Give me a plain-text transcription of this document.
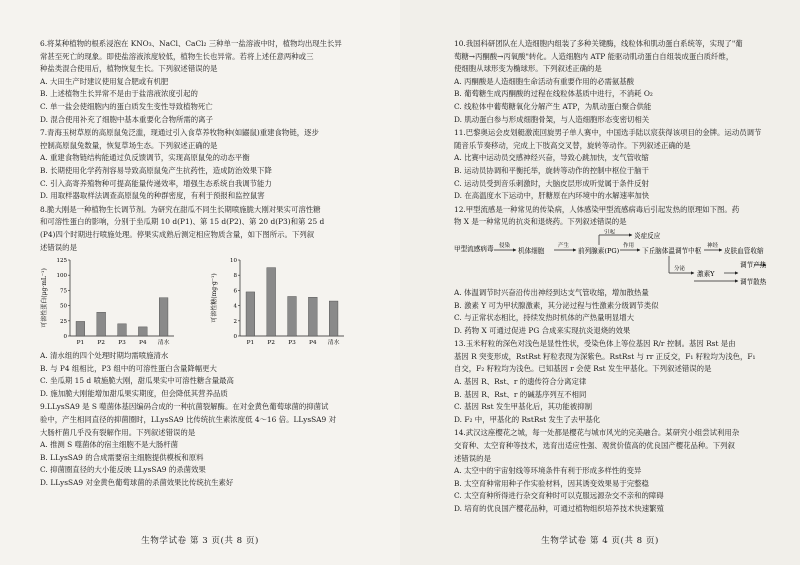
6.将某种植物的根系浸泡在 KNO₃、NaCl、CaCl₂ 三种单一盐溶液中时，植物均出现生长异

常甚至死亡的现象。即使盐溶液浓度较低，植物生长也异常。若将上述任意两种或三

种盐类混合使用后，植物恢复生长。下列叙述错误的是

A. 大田生产时建议使用复合肥或有机肥
B. 上述植物生长异常不是由于盐溶液浓度引起的
C. 单一盐会使细胞内的蛋白质发生变性导致植物死亡
D. 混合使用补充了细胞中基本重要化合物所需的离子

7.青海玉树草原的高原鼠兔泛滥，现通过引入食草养牧物种(如鼹鼠)重建食物链，逐步

控制高原鼠兔数量，恢复草场生态。下列叙述正确的是

A. 重建食物链结构能通过负反馈调节，实现高原鼠兔的动态平衡
B. 长期使用化学药剂容易导致高原鼠兔产生抗药性，造成防治效果下降
C. 引入高寄养殖物种可提高能量传递效率，增强生态系统自我调节能力
D. 用取样器取样法调查高原鼠兔的种群密度，有利于预报和监控鼠害

8.脆大刚是一种植物生长调节剂。为研究在甜瓜不同生长期喷施脆大刚对果实可溶性糖

和可溶性蛋白的影响，分别于坐瓜期 10 d(P1)、第 15 d(P2)、第 20 d(P3)和第 25 d

(P4)四个时期进行喷施处理。停果实成熟后测定相应物质含量，如下图所示。下列叙

述错误的是

可溶性蛋白(μg·mL⁻¹)
0
25
50
75
100
125
P1 P2 P3 P4 清水
可溶性糖(mg·g⁻¹)
0
2
4
6
8
10
P1 P2 P3 P4 清水
A. 清水组的四个处理时期均需喷施清水
B. 与 P4 组相比，P3 组中的可溶性蛋白含量降幅更大
C. 坐瓜期 15 d 喷施脆大刚，甜瓜果实中可溶性糖含量最高
D. 施加脆大刚能增加甜瓜果实期度，但会降低其营养品质

9.LLysSA9 是 S 噬菌体基因编码合成的一种抗菌裂解酶。在对金黄色葡萄球菌的抑菌试

验中，产生相同直径的抑菌圈时，LLysSA9 比传统抗生素浓度低 4～16 倍。LLysSA9 对

大肠杆菌几乎没有裂解作用。下列叙述错误的是

A. 推测 S 噬菌体的宿主细胞不是大肠杆菌
B. LLysSA9 的合成需要宿主细胞提供模板和原料
C. 抑菌圈直径的大小能反映 LLysSA9 的杀菌效果
D. LLysSA9 对金黄色葡萄球菌的杀菌效果比传统抗生素好
生物学试卷 第 3 页(共 8 页)

10.我国科研团队在人造细胞内组装了多种关键酶，线粒体和肌动蛋白系统等，实现了"葡

萄糖→丙酮酸→丙氧酸"转化。人造细胞内 ATP 能驱动肌动蛋白自组装成蛋白质纤维，

使细胞从球形变为椭球形。下列叙述正确的是

A. 丙酮酸是人造细胞生命活动有重要作用的必需氨基酸
B. 葡萄糖生成丙酮酸的过程在线粒体基质中进行，不消耗 O₂
C. 线粒体中葡萄糖氧化分解产生 ATP，为肌动蛋白聚合供能
D. 肌动蛋白参与形成细胞骨架，与人造细胞形态变密切相关

11.巴黎奥运会皮划艇激流回旋男子单人赛中，中国选手陆以宸获得该项目的金牌。运动员调节

随音乐节奏移动，完成上下肢高交叉替，旋转等动作。下列叙述正确的是

A. 比赛中运动员交感神经兴奋，导致心跳加快，支气管收缩
B. 运动员协调和平衡托举，旋转等动作的控制中枢位于脑干
C. 运动员受到音乐刺激时，大脑皮层形成听觉属于条件反射
D. 在高温度水下运动中，肝糖原在内环境中的水解速率加快

12.甲型流感是一种常见的传染病，人体感染甲型流感病毒后引起发热的原理如下图。药

物 X 是一种常见的抗炎和退烧药。下列叙述错误的是

甲型流感病毒 侵染
机体细胞
产生
前列腺素(PG)
作用
下丘脑体温调节中枢
引起	炎症反应
神经
皮肤血管收缩
分泌
激素Y
调节产热
调节散热
A. 体温调节时兴奋沿传出神经到达支气管收缩，增加散热量
B. 激素 Y 可为甲状腺激素，其分泌过程与性激素分级调节类似
C. 与正常状态相比，持续发热时机体的产热量明显增大
D. 药物 X 可通过促进 PG 合成来实现抗炎退烧的效果

13.玉米籽粒的深色对浅色是显性性状，受染色体上等位基因 R/r 控制。基因 Rst 是由

基因 R 突变形成，RstRst 籽粒表现为深紫色。RstRst 与 rr 正反交，F₁ 籽粒均为浅色，F₁

自交，F₂ 籽粒均为浅色。已知基因 r 会使 Rst 发生甲基化。下列叙述错误的是

A. 基因 R、Rst、r 的遗传符合分离定律
B. 基因 R、Rst、r 的碱基序列互不相同
C. 基因 Rst 发生甲基化后，其功能被抑制
D. F₂ 中，甲基化的 RstRst 发生了去甲基化

14.武汉这座樱花之城，每一处都是樱花与城市风光的完美融合。某研究小组尝试利用杂

交育种、太空育种等技术，选育出适应性强、观赏价值高的优良国产樱花品种。下列叙

述错误的是

A. 太空中的宇宙射线等环境条件有利于形成多样性的变异
B. 太空育种常用种子作实验材料，因其诱变效果易于完整稳
C. 太空育种所得进行杂交育种时可以克服远源杂交不亲和的障碍
D. 培育的优良国产樱花品种，可通过植物组织培养技术快速繁殖
生物学试卷 第 4 页(共 8 页)
